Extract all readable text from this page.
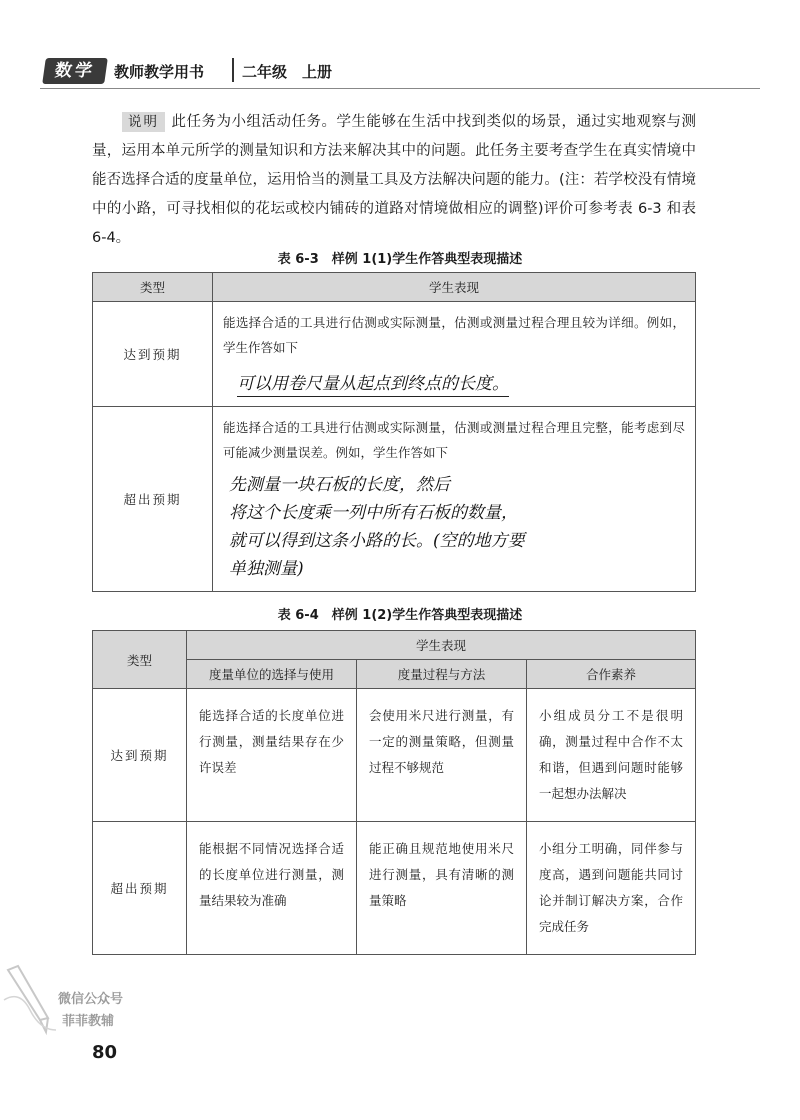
数学	教师教学用书	二年级　上册
说明 此任务为小组活动任务。学生能够在生活中找到类似的场景，通过实地观察与测量，运用本单元所学的测量知识和方法来解决其中的问题。此任务主要考查学生在真实情境中能否选择合适的度量单位，运用恰当的测量工具及方法解决问题的能力。(注：若学校没有情境中的小路，可寻找相似的花坛或校内铺砖的道路对情境做相应的调整)评价可参考表 6-3 和表 6-4。
表 6-3　样例 1(1)学生作答典型表现描述
类型	学生表现
达到预期	能选择合适的工具进行估测或实际测量，估测或测量过程合理且较为详细。例如，学生作答如下
可以用卷尺量从起点到终点的长度。

超出预期	能选择合适的工具进行估测或实际测量，估测或测量过程合理且完整，能考虑到尽可能减少测量误差。例如，学生作答如下
先测量一块石板的长度，然后
将这个长度乘一列中所有石板的数量，
就可以得到这条小路的长。(空的地方要
单独测量)
表 6-4　样例 1(2)学生作答典型表现描述
类型	学生表现		
	度量单位的选择与使用	度量过程与方法	合作素养
达到预期	能选择合适的长度单位进行测量，测量结果存在少许误差	会使用米尺进行测量，有一定的测量策略，但测量过程不够规范	小组成员分工不是很明确，测量过程中合作不太和谐，但遇到问题时能够一起想办法解决
超出预期	能根据不同情况选择合适的长度单位进行测量，测量结果较为准确	能正确且规范地使用米尺进行测量，具有清晰的测量策略	小组分工明确，同伴参与度高，遇到问题能共同讨论并制订解决方案，合作完成任务
微信公众号
菲菲教辅
80
